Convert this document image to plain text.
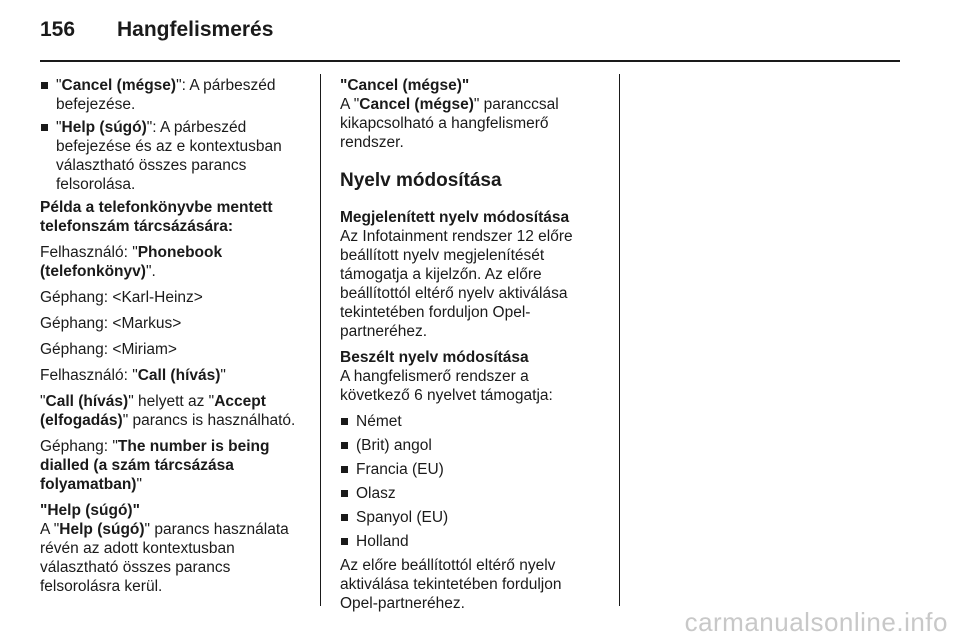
156 Hangfelismerés
"Cancel (mégse)": A párbeszéd befejezése.
"Help (súgó)": A párbeszéd befejezése és az e kontextusban választható összes parancs felsorolása.

Példa a telefonkönyvbe mentett telefonszám tárcsázására:

Felhasználó: "Phonebook (telefonkönyv)".

Géphang: <Karl-Heinz>

Géphang: <Markus>

Géphang: <Miriam>

Felhasználó: "Call (hívás)"

"Call (hívás)" helyett az "Accept (elfogadás)" parancs is használható.

Géphang: "The number is being dialled (a szám tárcsázása folyamatban)"

"Help (súgó)"

A "Help (súgó)" parancs használata révén az adott kontextusban választható összes parancs felsorolásra kerül.

"Cancel (mégse)"

A "Cancel (mégse)" paranccsal kikapcsolható a hangfelismerő rendszer.

Nyelv módosítása

Megjelenített nyelv módosítása

Az Infotainment rendszer 12 előre beállított nyelv megjelenítését támogatja a kijelzőn. Az előre beállítottól eltérő nyelv aktiválása tekintetében forduljon Opel-partneréhez.

Beszélt nyelv módosítása

A hangfelismerő rendszer a következő 6 nyelvet támogatja:

Német
(Brit) angol
Francia (EU)
Olasz
Spanyol (EU)
Holland

Az előre beállítottól eltérő nyelv aktiválása tekintetében forduljon Opel-partneréhez.

carmanualsonline.info
